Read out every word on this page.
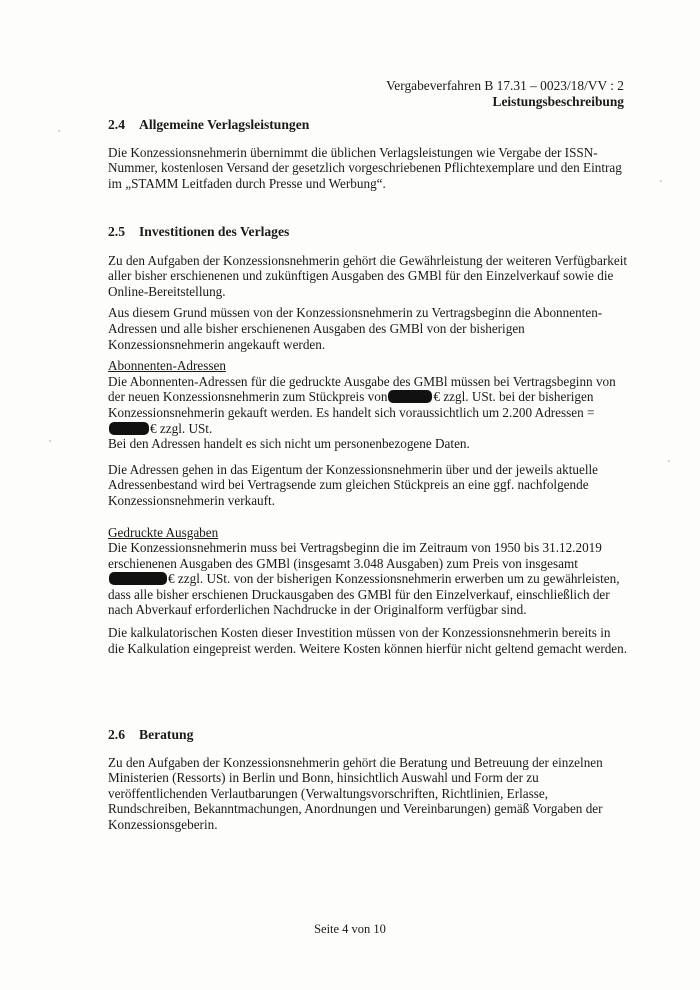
Vergabeverfahren B 17.31 – 0023/18/VV : 2
Leistungsbeschreibung

2.4 Allgemeine Verlagsleistungen

Die Konzessionsnehmerin übernimmt die üblichen Verlagsleistungen wie Vergabe der ISSN-Nummer, kostenlosen Versand der gesetzlich vorgeschriebenen Pflichtexemplare und den Eintrag im „STAMM Leitfaden durch Presse und Werbung“.

2.5 Investitionen des Verlages

Zu den Aufgaben der Konzessionsnehmerin gehört die Gewährleistung der weiteren Verfügbarkeit aller bisher erschienenen und zukünftigen Ausgaben des GMBl für den Einzelverkauf sowie die Online-Bereitstellung.

Aus diesem Grund müssen von der Konzessionsnehmerin zu Vertragsbeginn die Abonnenten-Adressen und alle bisher erschienenen Ausgaben des GMBl von der bisherigen Konzessionsnehmerin angekauft werden.

Abonnenten-Adressen

Die Abonnenten-Adressen für die gedruckte Ausgabe des GMBl müssen bei Vertragsbeginn von der neuen Konzessionsnehmerin zum Stückpreis von	€ zzgl. USt. bei der bisherigen Konzessionsnehmerin gekauft werden. Es handelt sich voraussichtlich um 2.200 Adressen = € zzgl. USt.
Bei den Adressen handelt es sich nicht um personenbezogene Daten.

Die Adressen gehen in das Eigentum der Konzessionsnehmerin über und der jeweils aktuelle Adressenbestand wird bei Vertragsende zum gleichen Stückpreis an eine ggf. nachfolgende Konzessionsnehmerin verkauft.

Gedruckte Ausgaben

Die Konzessionsnehmerin muss bei Vertragsbeginn die im Zeitraum von 1950 bis 31.12.2019 erschienenen Ausgaben des GMBl (insgesamt 3.048 Ausgaben) zum Preis von insgesamt € zzgl. USt. von der bisherigen Konzessionsnehmerin erwerben um zu gewährleisten, dass alle bisher erschienen Druckausgaben des GMBl für den Einzelverkauf, einschließlich der nach Abverkauf erforderlichen Nachdrucke in der Originalform verfügbar sind.

Die kalkulatorischen Kosten dieser Investition müssen von der Konzessionsnehmerin bereits in die Kalkulation eingepreist werden. Weitere Kosten können hierfür nicht geltend gemacht werden.

2.6 Beratung

Zu den Aufgaben der Konzessionsnehmerin gehört die Beratung und Betreuung der einzelnen Ministerien (Ressorts) in Berlin und Bonn, hinsichtlich Auswahl und Form der zu veröffentlichenden Verlautbarungen (Verwaltungsvorschriften, Richtlinien, Erlasse, Rundschreiben, Bekanntmachungen, Anordnungen und Vereinbarungen) gemäß Vorgaben der Konzessionsgeberin.

Seite 4 von 10
